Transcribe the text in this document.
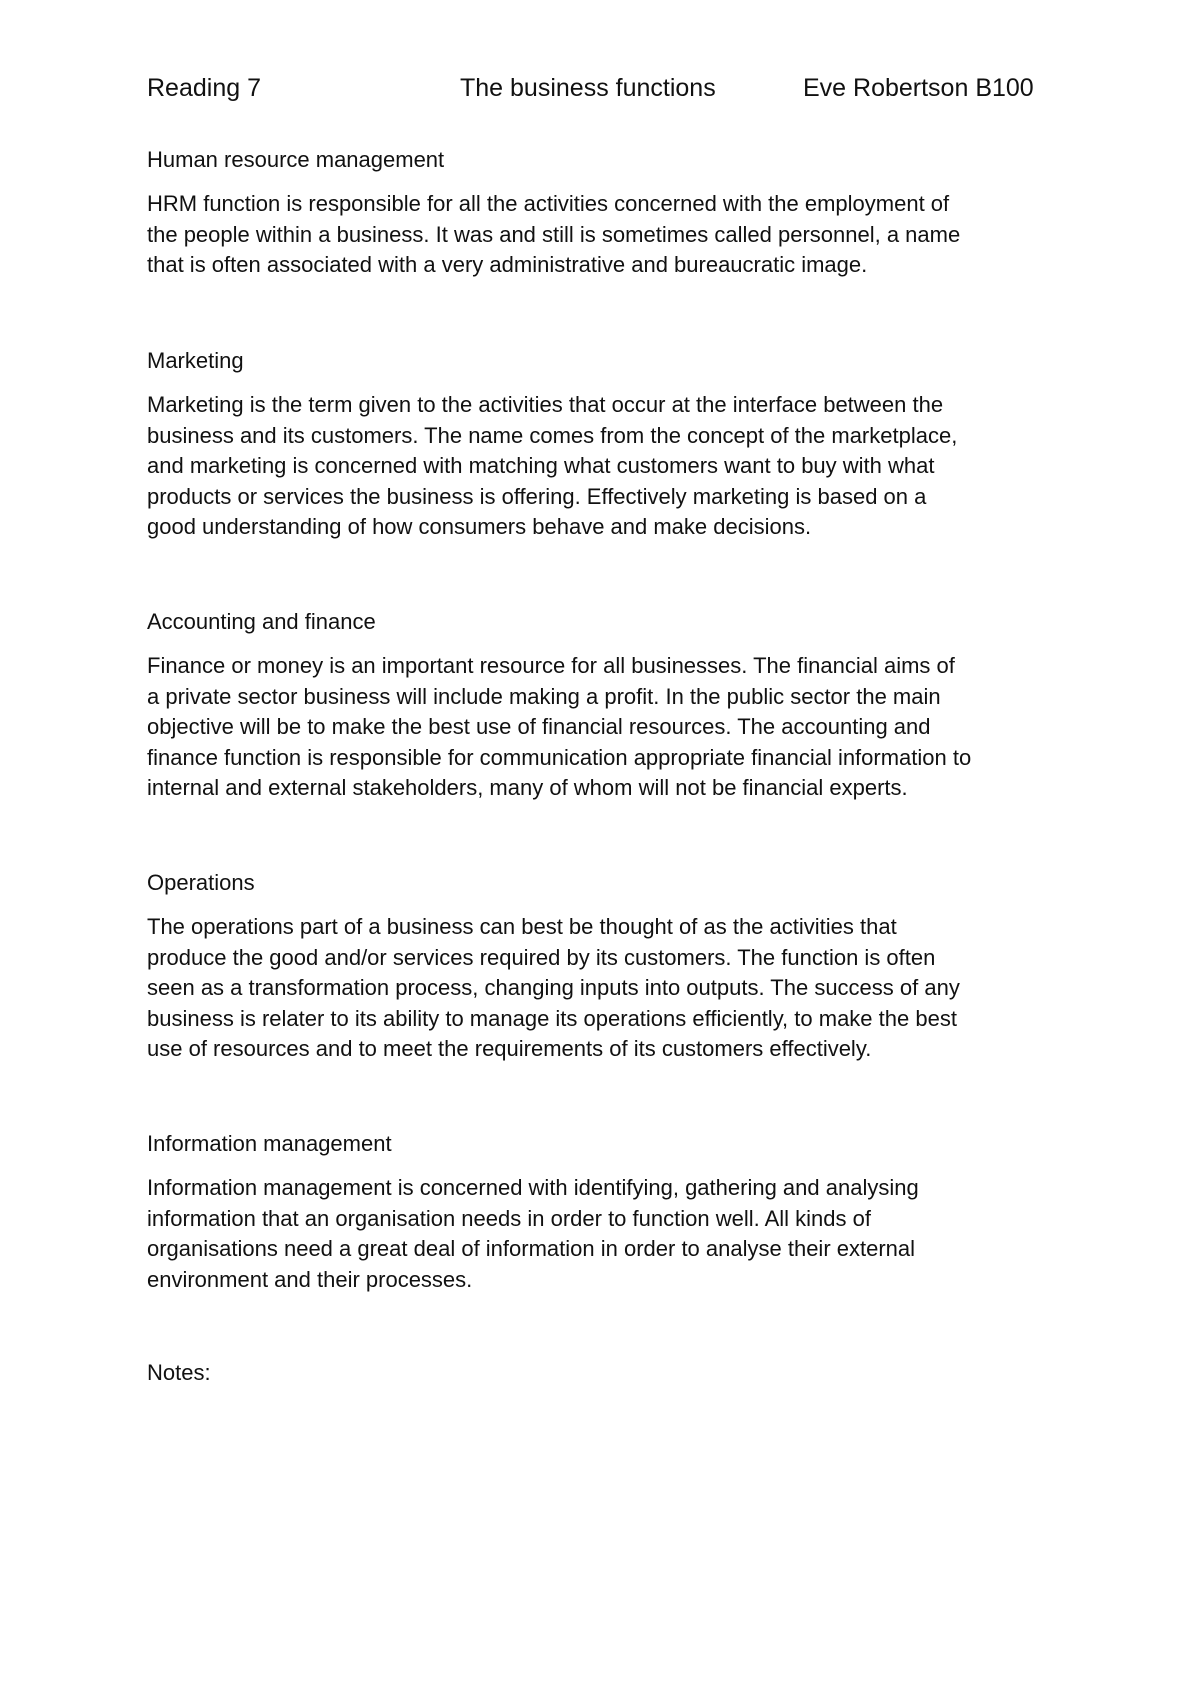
Reading 7	The business functions	Eve Robertson B100

Human resource management

HRM function is responsible for all the activities concerned with the employment of
the people within a business. It was and still is sometimes called personnel, a name
that is often associated with a very administrative and bureaucratic image.

Marketing

Marketing is the term given to the activities that occur at the interface between the
business and its customers. The name comes from the concept of the marketplace,
and marketing is concerned with matching what customers want to buy with what
products or services the business is offering. Effectively marketing is based on a
good understanding of how consumers behave and make decisions.

Accounting and finance

Finance or money is an important resource for all businesses. The financial aims of
a private sector business will include making a profit. In the public sector the main
objective will be to make the best use of financial resources. The accounting and
finance function is responsible for communication appropriate financial information to
internal and external stakeholders, many of whom will not be financial experts.

Operations

The operations part of a business can best be thought of as the activities that
produce the good and/or services required by its customers. The function is often
seen as a transformation process, changing inputs into outputs. The success of any
business is relater to its ability to manage its operations efficiently, to make the best
use of resources and to meet the requirements of its customers effectively.

Information management

Information management is concerned with identifying, gathering and analysing
information that an organisation needs in order to function well. All kinds of
organisations need a great deal of information in order to analyse their external
environment and their processes.

Notes:
